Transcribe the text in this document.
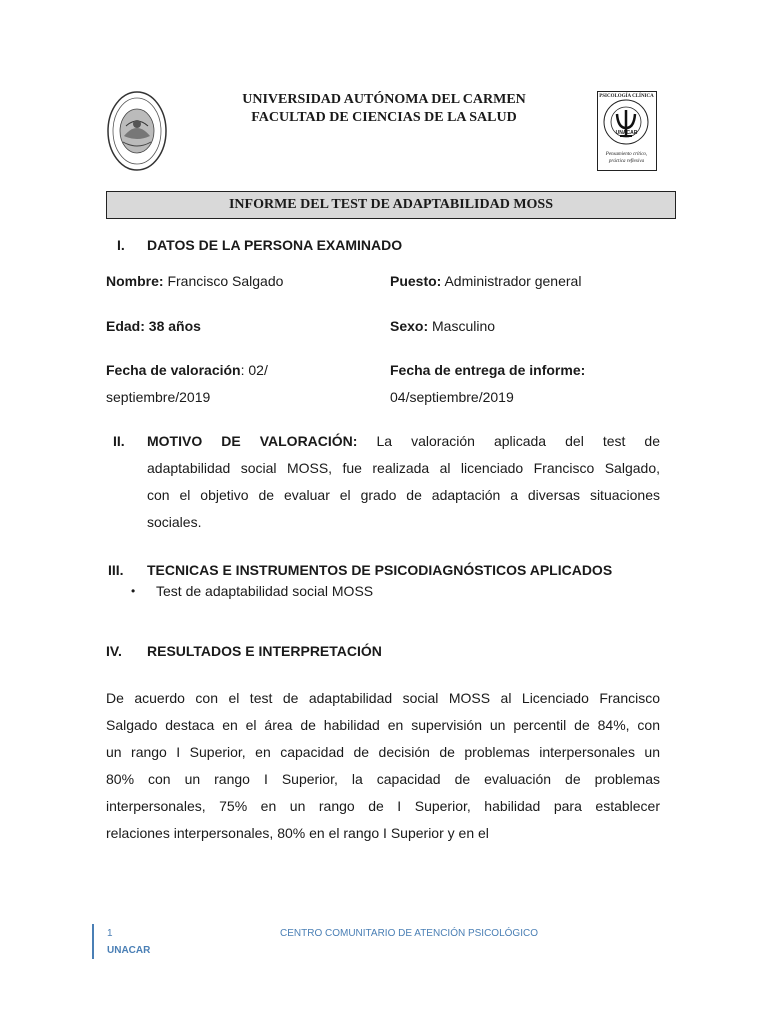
UNIVERSIDAD AUTÓNOMA DEL CARMEN
FACULTAD DE CIENCIAS DE LA SALUD
PSICOLOGÍA CLÍNICA
UNACAR
Pensamiento crítico,
práctica reflexiva
INFORME DEL TEST DE ADAPTABILIDAD MOSS
I. DATOS DE LA PERSONA EXAMINADO
Nombre: Francisco Salgado	Puesto: Administrador general
Edad: 38 años	Sexo: Masculino
Fecha de valoración: 02/
septiembre/2019
Fecha de entrega de informe:
04/septiembre/2019
II. MOTIVO DE VALORACIÓN: La valoración aplicada del test de
adaptabilidad social MOSS, fue realizada al licenciado Francisco Salgado,
con el objetivo de evaluar el grado de adaptación a diversas situaciones
sociales.
III. TECNICAS E INSTRUMENTOS DE PSICODIAGNÓSTICOS APLICADOS
• Test de adaptabilidad social MOSS
IV. RESULTADOS E INTERPRETACIÓN
De acuerdo con el test de adaptabilidad social MOSS al Licenciado Francisco
Salgado destaca en el área de habilidad en supervisión un percentil de 84%, con
un rango I Superior, en capacidad de decisión de problemas interpersonales un
80% con un rango I Superior, la capacidad de evaluación de problemas
interpersonales, 75% en un rango de I Superior, habilidad para establecer
relaciones interpersonales, 80% en el rango I Superior y en el
1
UNACAR
CENTRO COMUNITARIO DE ATENCIÓN PSICOLÓGICO
